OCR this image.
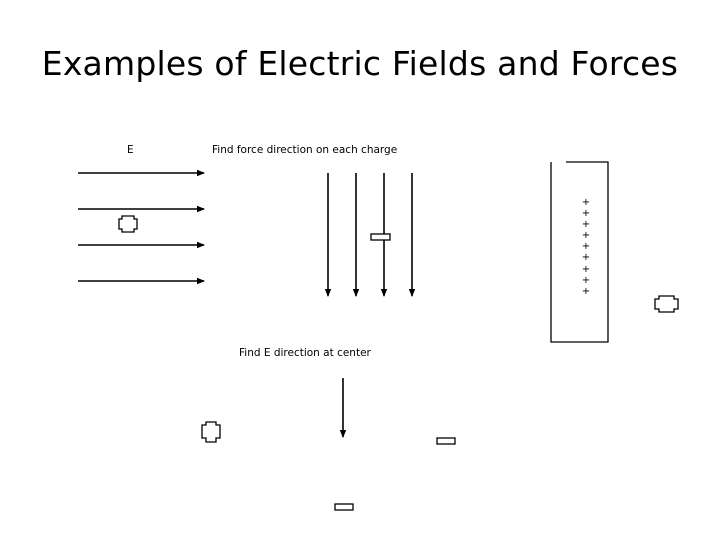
Examples of Electric Fields and Forces
E	Find force direction on each charge
Find E direction at center
+
+
+
+
+
+
+
+
+
